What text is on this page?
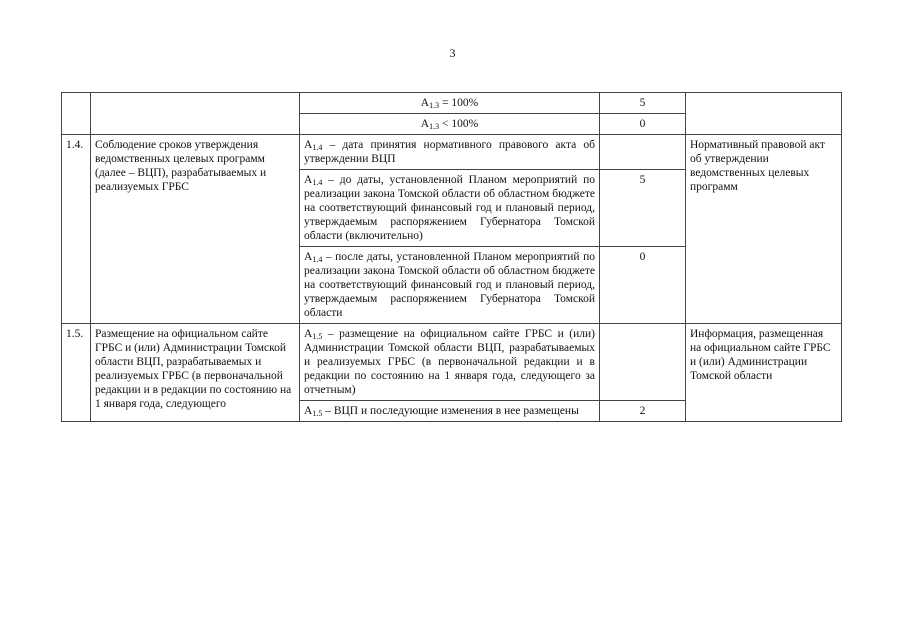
3
		$A_{1.3} = 100\%$	5	
		$A_{1.3} < 100\%$	0	
1.4.	Соблюдение сроков утверждения ведомственных целевых программ (далее – ВЦП), разрабатываемых и реализуемых ГРБС	$A_{1.4}$ – дата принятия нормативного правового акта об утверждении ВЦП		Нормативный правовой акт об утверждении ведомственных целевых программ
		$A_{1.4}$ – до даты, установленной Планом мероприятий по реализации закона Томской области об областном бюджете на соответствующий финансовый год и плановый период, утверждаемым распоряжением Губернатора Томской области (включительно)	5	
		$A_{1.4}$ – после даты, установленной Планом мероприятий по реализации закона Томской области об областном бюджете на соответствующий финансовый год и плановый период, утверждаемым распоряжением Губернатора Томской области	0	
1.5.	Размещение на официальном сайте ГРБС и (или) Администрации Томской области ВЦП, разрабатываемых и реализуемых ГРБС (в первоначальной редакции и в редакции по состоянию на 1 января года, следующего	$A_{1.5}$ – размещение на официальном сайте ГРБС и (или) Администрации Томской области ВЦП, разрабатываемых и реализуемых ГРБС (в первоначальной редакции и в редакции по состоянию на 1 января года, следующего за отчетным)		Информация, размещенная на официальном сайте ГРБС и (или) Администрации Томской области
		$A_{1.5}$ – ВЦП и последующие изменения в нее размещены	2	
